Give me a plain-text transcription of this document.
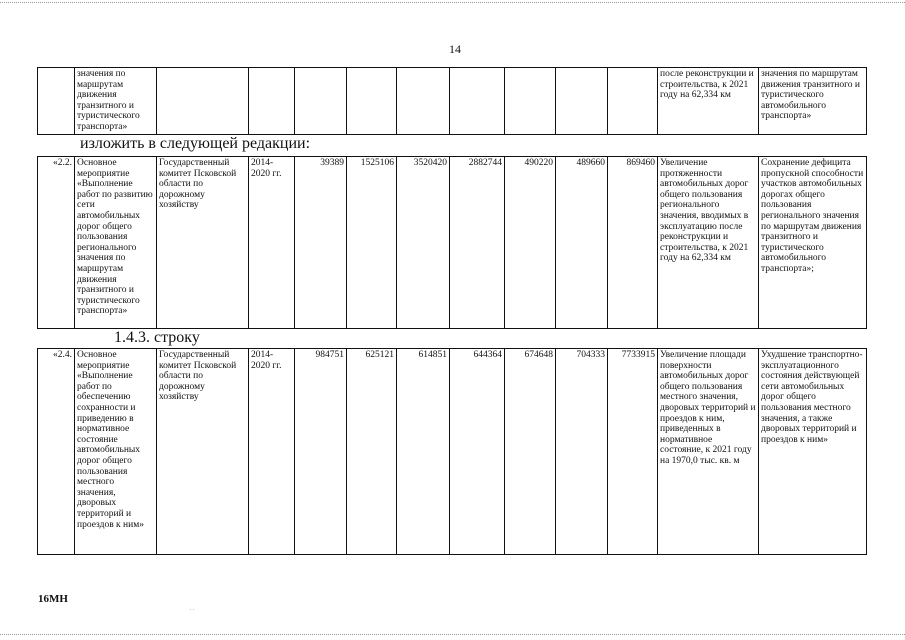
14
	значения по маршрутам движения транзитного и туристического транспорта»										после реконструкции и строительства, к 2021 году на 62,334 км	значения по маршрутам движения транзитного и туристического автомобильного транспорта»
изложить в следующей редакции:
«2.2.	Основное мероприятие «Выполнение работ по развитию сети автомобильных дорог общего пользования регионального значения по маршрутам движения транзитного и туристического транспорта»	Государственный комитет Псковской области по дорожному хозяйству	2014-2020 гг.	39389	1525106	3520420	2882744	490220	489660	869460	Увеличение протяженности автомобильных дорог общего пользования регионального значения, вводимых в эксплуатацию после реконструкции и строительства, к 2021 году на 62,334 км	Сохранение дефицита пропускной способности участков автомобильных дорогах общего пользования регионального значения по маршрутам движения транзитного и туристического автомобильного транспорта»;
1.4.3. строку
«2.4.	Основное мероприятие «Выполнение работ по обеспечению сохранности и приведению в нормативное состояние автомобильных дорог общего пользования местного значения, дворовых территорий и проездов к ним»	Государственный комитет Псковской области по дорожному хозяйству	2014-2020 гг.	984751	625121	614851	644364	674648	704333	7733915	Увеличение площади поверхности автомобильных дорог общего пользования местного значения, дворовых территорий и проездов к ним, приведенных в нормативное состояние, к 2021 году на 1970,0 тыс. кв. м	Ухудшение транспортно-эксплуатационного состояния действующей сети автомобильных дорог общего пользования местного значения, а также дворовых территорий и проездов к ним»
16МН
. .
